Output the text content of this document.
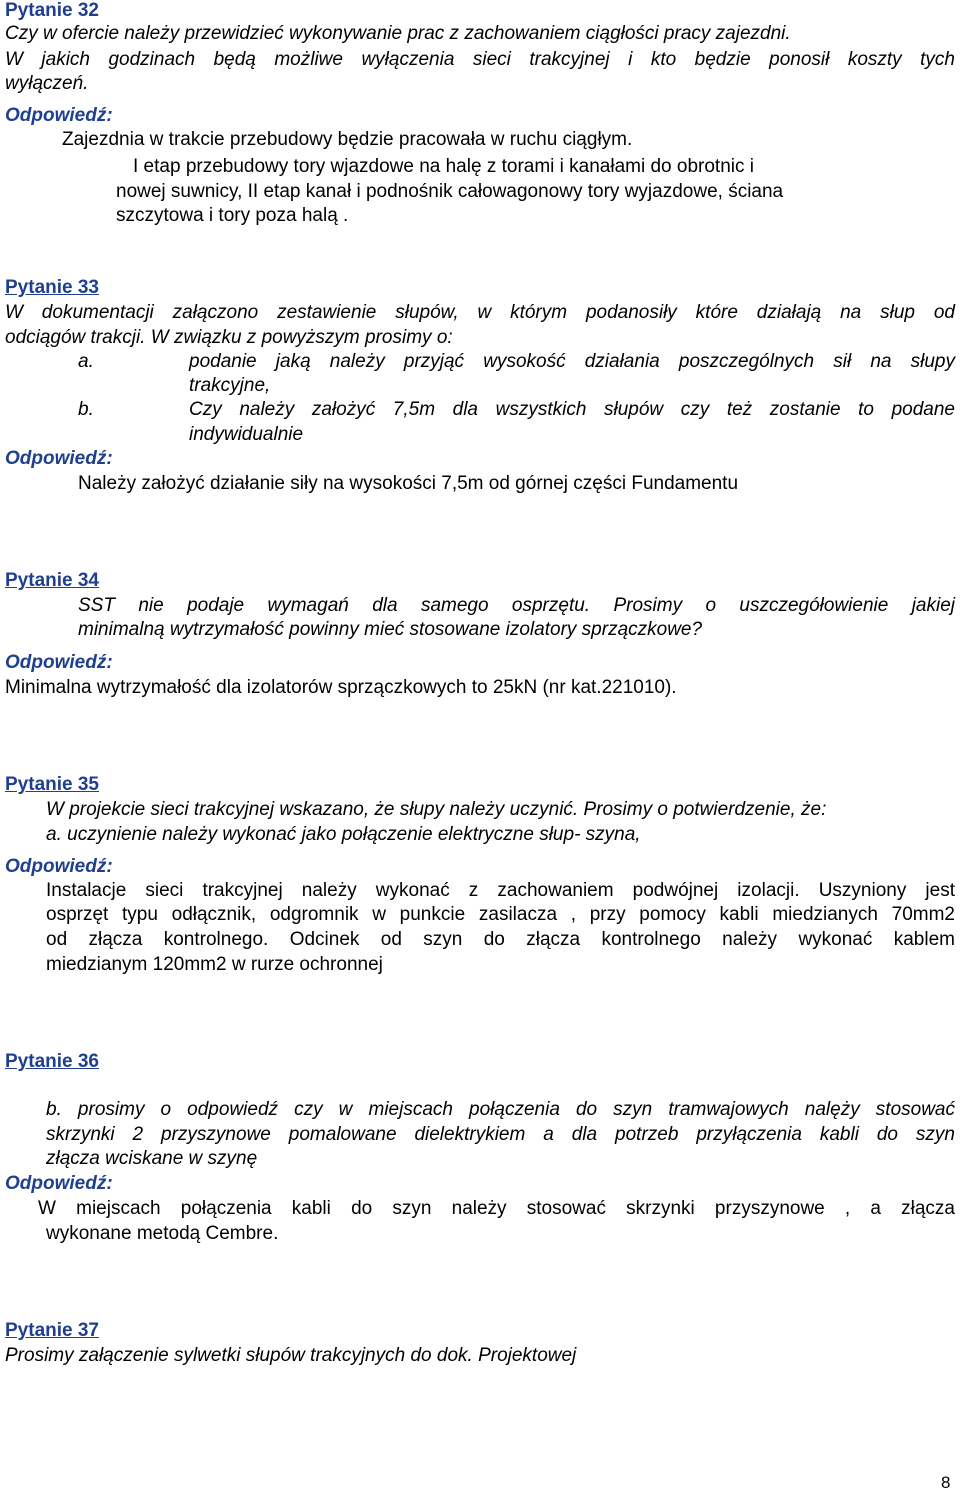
Pytanie 32
Czy w ofercie należy przewidzieć wykonywanie prac z zachowaniem ciągłości pracy zajezdni.
W jakich godzinach będą możliwe wyłączenia sieci trakcyjnej i kto będzie ponosił koszty tych
wyłączeń.
Odpowiedź:
Zajezdnia w trakcie przebudowy będzie pracowała w ruchu ciągłym.
I etap przebudowy tory wjazdowe na halę z torami i kanałami do obrotnic i
nowej suwnicy, II etap kanał i podnośnik całowagonowy tory wyjazdowe, ściana
szczytowa i tory poza halą .
Pytanie 33
W dokumentacji załączono zestawienie słupów, w którym podanosiły które działają na słup od
odciągów trakcji. W związku z powyższym prosimy o:
a.	podanie jaką należy przyjąć wysokość działania poszczególnych sił na słupy
trakcyjne,
b.	Czy należy założyć 7,5m dla wszystkich słupów czy też zostanie to podane
indywidualnie
Odpowiedź:
Należy założyć działanie siły na wysokości 7,5m od górnej części Fundamentu
Pytanie 34
SST nie podaje wymagań dla samego osprzętu. Prosimy o uszczegółowienie jakiej
minimalną wytrzymałość powinny mieć stosowane izolatory sprzączkowe?
Odpowiedź:
Minimalna wytrzymałość dla izolatorów sprzączkowych to 25kN (nr kat.221010).
Pytanie 35
W projekcie sieci trakcyjnej wskazano, że słupy należy uczynić. Prosimy o potwierdzenie, że:
a. uczynienie należy wykonać jako połączenie elektryczne słup- szyna,
Odpowiedź:
Instalacje sieci trakcyjnej należy wykonać z zachowaniem podwójnej izolacji. Uszyniony jest
osprzęt typu odłącznik, odgromnik w punkcie zasilacza , przy pomocy kabli miedzianych 70mm2
od złącza kontrolnego. Odcinek od szyn do złącza kontrolnego należy wykonać kablem
miedzianym 120mm2 w rurze ochronnej
Pytanie 36
b. prosimy o odpowiedź czy w miejscach połączenia do szyn tramwajowych nalęży stosować
skrzynki 2 przyszynowe pomalowane dielektrykiem a dla potrzeb przyłączenia kabli do szyn
złącza wciskane w szynę
Odpowiedź:
W miejscach połączenia kabli do szyn należy stosować skrzynki przyszynowe , a złącza
wykonane metodą Cembre.
Pytanie 37
Prosimy załączenie sylwetki słupów trakcyjnych do dok. Projektowej
8
